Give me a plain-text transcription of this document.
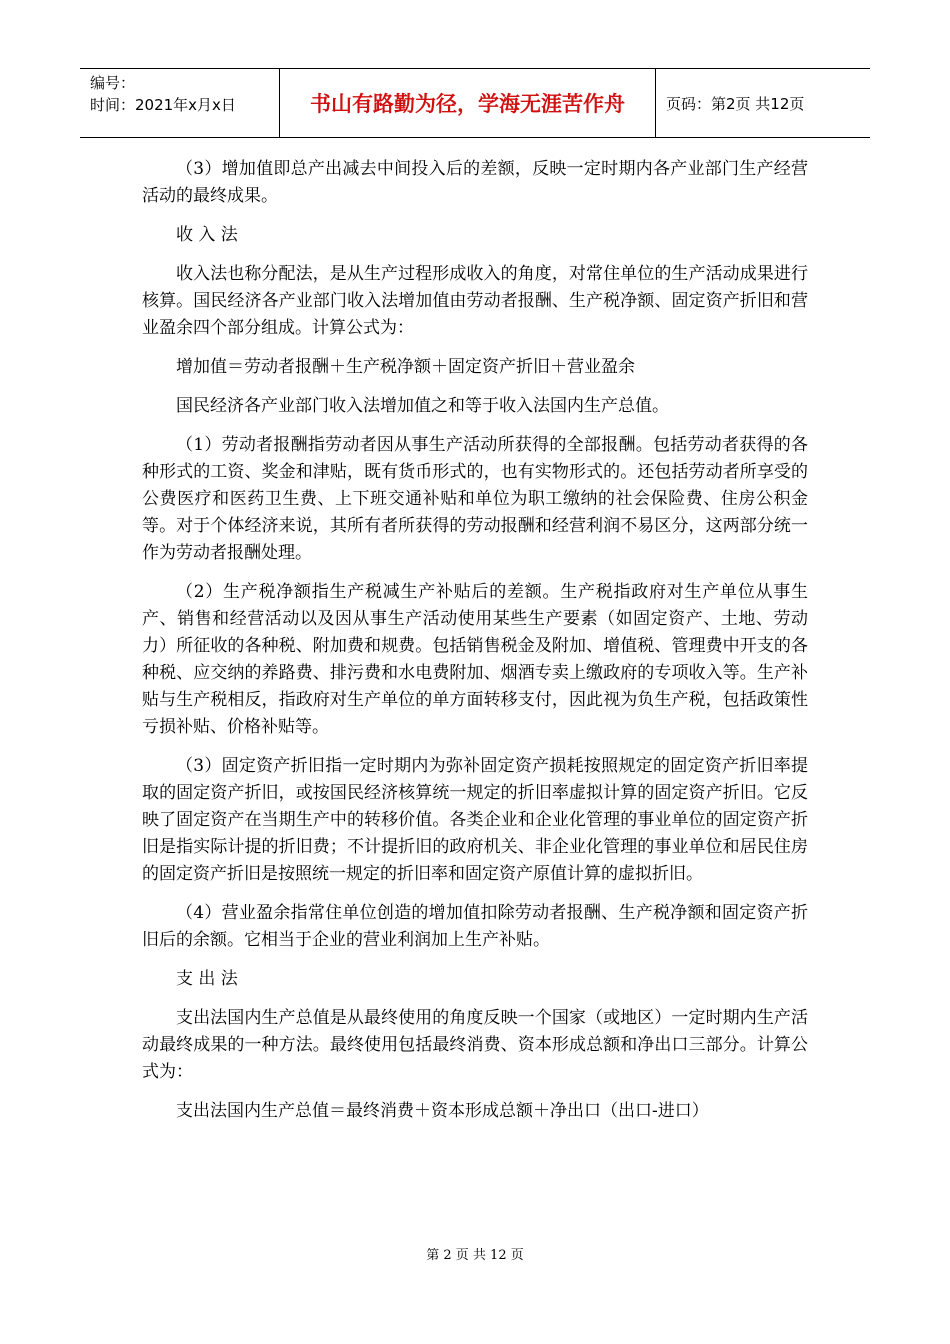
编号：
时间：2021年x月x日	书山有路勤为径，学海无涯苦作舟	页码：第2页 共12页

（3）增加值即总产出减去中间投入后的差额，反映一定时期内各产业部门生产经营活动的最终成果。

收 入 法

收入法也称分配法，是从生产过程形成收入的角度，对常住单位的生产活动成果进行核算。国民经济各产业部门收入法增加值由劳动者报酬、生产税净额、固定资产折旧和营业盈余四个部分组成。计算公式为：

增加值＝劳动者报酬＋生产税净额＋固定资产折旧＋营业盈余

国民经济各产业部门收入法增加值之和等于收入法国内生产总值。

（1）劳动者报酬指劳动者因从事生产活动所获得的全部报酬。包括劳动者获得的各种形式的工资、奖金和津贴，既有货币形式的，也有实物形式的。还包括劳动者所享受的公费医疗和医药卫生费、上下班交通补贴和单位为职工缴纳的社会保险费、住房公积金等。对于个体经济来说，其所有者所获得的劳动报酬和经营利润不易区分，这两部分统一作为劳动者报酬处理。

（2）生产税净额指生产税减生产补贴后的差额。生产税指政府对生产单位从事生产、销售和经营活动以及因从事生产活动使用某些生产要素（如固定资产、土地、劳动力）所征收的各种税、附加费和规费。包括销售税金及附加、增值税、管理费中开支的各种税、应交纳的养路费、排污费和水电费附加、烟酒专卖上缴政府的专项收入等。生产补贴与生产税相反，指政府对生产单位的单方面转移支付，因此视为负生产税，包括政策性亏损补贴、价格补贴等。

（3）固定资产折旧指一定时期内为弥补固定资产损耗按照规定的固定资产折旧率提取的固定资产折旧，或按国民经济核算统一规定的折旧率虚拟计算的固定资产折旧。它反映了固定资产在当期生产中的转移价值。各类企业和企业化管理的事业单位的固定资产折旧是指实际计提的折旧费；不计提折旧的政府机关、非企业化管理的事业单位和居民住房的固定资产折旧是按照统一规定的折旧率和固定资产原值计算的虚拟折旧。

（4）营业盈余指常住单位创造的增加值扣除劳动者报酬、生产税净额和固定资产折旧后的余额。它相当于企业的营业利润加上生产补贴。

支 出 法

支出法国内生产总值是从最终使用的角度反映一个国家（或地区）一定时期内生产活动最终成果的一种方法。最终使用包括最终消费、资本形成总额和净出口三部分。计算公式为：

支出法国内生产总值＝最终消费＋资本形成总额＋净出口（出口-进口）

第 2 页 共 12 页
